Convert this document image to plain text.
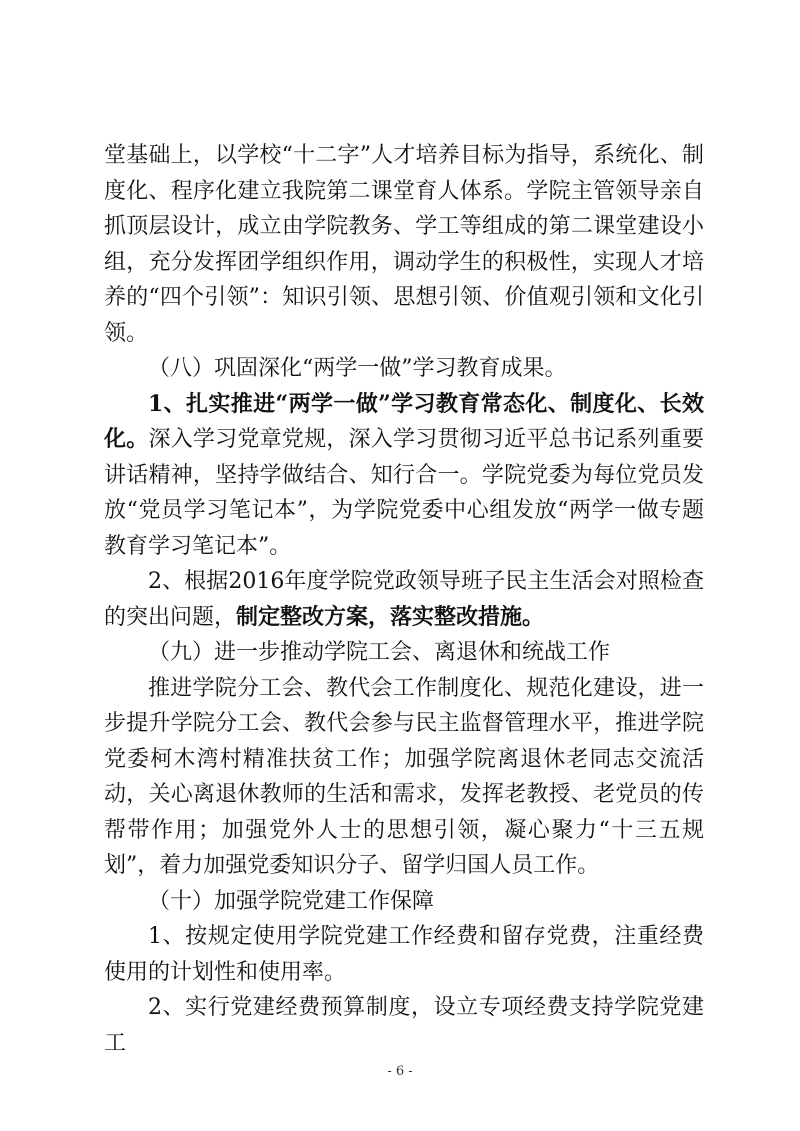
堂基础上，以学校“十二字”人才培养目标为指导，系统化、制度化、程序化建立我院第二课堂育人体系。学院主管领导亲自抓顶层设计，成立由学院教务、学工等组成的第二课堂建设小组，充分发挥团学组织作用，调动学生的积极性，实现人才培养的“四个引领”：知识引领、思想引领、价值观引领和文化引领。

（八）巩固深化“两学一做”学习教育成果。

1、扎实推进“两学一做”学习教育常态化、制度化、长效化。深入学习党章党规，深入学习贯彻习近平总书记系列重要讲话精神，坚持学做结合、知行合一。学院党委为每位党员发放“党员学习笔记本”，为学院党委中心组发放“两学一做专题教育学习笔记本”。

2、根据2016年度学院党政领导班子民主生活会对照检查的突出问题，制定整改方案，落实整改措施。

（九）进一步推动学院工会、离退休和统战工作

推进学院分工会、教代会工作制度化、规范化建设，进一步提升学院分工会、教代会参与民主监督管理水平，推进学院党委柯木湾村精准扶贫工作；加强学院离退休老同志交流活动，关心离退休教师的生活和需求，发挥老教授、老党员的传帮带作用；加强党外人士的思想引领，凝心聚力“十三五规划”，着力加强党委知识分子、留学归国人员工作。

（十）加强学院党建工作保障

1、按规定使用学院党建工作经费和留存党费，注重经费使用的计划性和使用率。

2、实行党建经费预算制度，设立专项经费支持学院党建工

- 6 -
